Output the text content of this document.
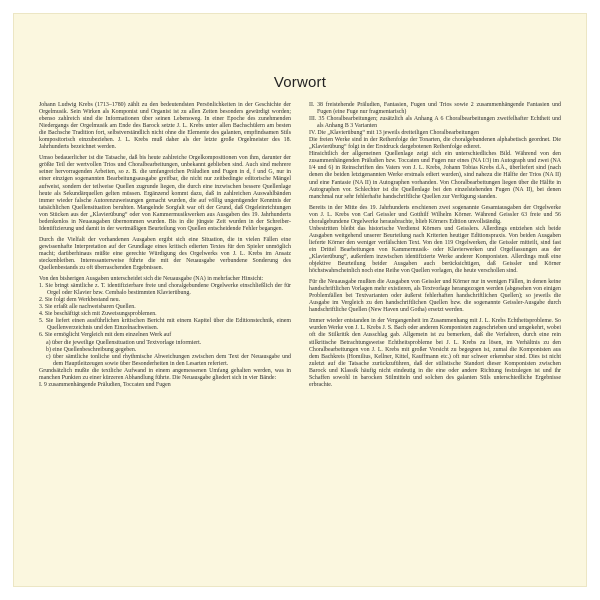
Vorwort

Johann Ludwig Krebs (1713–1780) zählt zu den bedeutendsten Persönlichkeiten in der Geschichte der Orgelmusik. Sein Wirken als Komponist und Organist ist zu allen Zeiten besonders gewürdigt worden; ebenso zahlreich sind die Informationen über seinen Lebensweg. In einer Epoche des zunehmenden Niedergangs der Orgelmusik am Ende des Barock setzte J. L. Krebs unter allen Bachschülern am besten die Bachsche Tradition fort, selbstverständlich nicht ohne die Elemente des galanten, empfindsamen Stils kompositorisch einzubeziehen. J. L. Krebs muß daher als der letzte große Orgelmeister des 18. Jahrhunderts bezeichnet werden.

Umso bedauerlicher ist die Tatsache, daß bis heute zahlreiche Orgelkompositionen von ihm, darunter der größte Teil der wertvollen Trios und Choralbearbeitungen, unbekannt geblieben sind. Auch sind mehrere seiner hervorragenden Arbeiten, so z. B. die umfangreichen Präludien und Fugen in d, f und G, nur in einer einzigen sogenannten Bearbeitungsausgabe greifbar, die nicht nur zeitbedingte editorische Mängel aufweist, sondern der teilweise Quellen zugrunde liegen, die durch eine inzwischen bessere Quellenlage heute als Sekundärquellen gelten müssen. Ergänzend kommt dazu, daß in zahlreichen Auswahlbänden immer wieder falsche Autorenzuweisungen gemacht wurden, die auf völlig ungenügender Kenntnis der tatsächlichen Quellensituation beruhten. Mangelnde Sorgfalt war oft der Grund, daß Orgeleinrichtungen von Stücken aus der „Klavierübung“ oder von Kammermusikwerken aus Ausgaben des 19. Jahrhunderts bedenkenlos in Neuausgaben übernommen wurden. Bis in die jüngste Zeit wurden in der Schreiber-Identifizierung und damit in der wertmäßigen Beurteilung von Quellen entscheidende Fehler begangen.

Durch die Vielfalt der vorhandenen Ausgaben ergibt sich eine Situation, die in vielen Fällen eine gewissenhafte Interpretation auf der Grundlage eines kritisch edierten Textes für den Spieler unmöglich macht; darüberhinaus müßte eine gerechte Würdigung des Orgelwerks von J. L. Krebs im Ansatz steckenbleiben. Interessanterweise führte die mit der Neuausgabe verbundene Sonderung des Quellenbestands zu oft überraschenden Ergebnissen.

Von den bisherigen Ausgaben unterscheidet sich die Neuausgabe (NA) in mehrfacher Hinsicht:

1. Sie bringt sämtliche z. T. identifizierbare freie und choralgebundene Orgelwerke einschließlich der für Orgel oder Klavier bzw. Cembalo bestimmten Klavierübung.

2. Sie folgt dem Werkbestand neu.

3. Sie erfaßt alle nachweisbaren Quellen.

4. Sie beschäftigt sich mit Zuweisungsproblemen.

5. Sie liefert einen ausführlichen kritischen Bericht mit einem Kapitel über die Editionstechnik, einem Quellenverzeichnis und den Einzelnachweisen.

6. Sie ermöglicht Vergleich mit dem einzelnen Werk auf

a) über die jeweilige Quellensituation und Textvorlage informiert.

b) eine Quellenbeschreibung gegeben.

c) über sämtliche tonliche und rhythmische Abweichungen zwischen dem Text der Neuausgabe und dem Hauptleitzeugen sowie über Besonderheiten in den Lesarten referiert.

Grundsätzlich mußte die textliche Aufwand in einem angemessenen Umfang gehalten werden, was in manchen Punkten zu einer kürzeren Abhandlung führte. Die Neuausgabe gliedert sich in vier Bände:

I. 9 zusammenhängende Präludien, Toccaten und Fugen

II. 38 freistehende Präludien, Fantasien, Fugen und Trios sowie 2 zusammenhängende Fantasien und Fugen (eine Fuge nur fragmentarisch)

III. 35 Choralbearbeitungen; zusätzlich als Anhang A 6 Choralbearbeitungen zweifelhafter Echtheit und als Anhang B 3 Varianten

IV. Die „Klavierübung“ mit 13 jeweils dreiteiligen Choralbearbeitungen

Die freien Werke sind in der Reihenfolge der Tonarten, die choralgebundenen alphabetisch geordnet. Die „Klavierübung“ folgt in der Erstdruck dargebotenen Reihenfolge edieret.

Hinsichtlich der allgemeinen Quellenlage zeigt sich ein unterschiedliches Bild. Während von den zusammenhängenden Präludien bzw. Toccaten und Fugen nur eines (NA I/3) im Autograph und zwei (NA I/4 und 6) in Reinschriften des Vaters von J. L. Krebs, Johann Tobias Krebs d.Ä., überliefert sind (nach denen die beiden letztgenannten Werke erstmals ediert wurden), sind nahezu die Hälfte der Trios (NA II) und eine Fantasie (NA II) in Autographen vorhanden. Von Choralbearbeitungen liegen über die Hälfte in Autographen vor. Schlechter ist die Quellenlage bei den einzelstehenden Fugen (NA II), bei denen manchmal nur sehr fehlerhafte handschriftliche Quellen zur Verfügung standen.

Bereits in der Mitte des 19. Jahrhunderts erschienen zwei sogenannte Gesamtausgaben der Orgelwerke von J. L. Krebs von Carl Geissler und Gotthilf Wilhelm Körner. Während Geissler 63 freie und 56 choralgebundene Orgelwerke herausbrachte, blieb Körners Edition unvollständig.

Unbestritten bleibt das historische Verdienst Körners und Geisslers. Allerdings entziehen sich beide Ausgaben weitgehend unserer Beurteilung nach Kriterien heutiger Editionspraxis. Von beiden Ausgaben lieferte Körner den weniger verfälschten Text. Von den 119 Orgelwerken, die Geissler mitteilt, sind fast ein Drittel Bearbeitungen von Kammermusik- oder Klavierwerken und Orgelfassungen aus der „Klavierübung“, außerdem inzwischen identifizierte Werke anderer Komponisten. Allerdings muß eine objektive Beurteilung beider Ausgaben auch berücksichtigen, daß Geissler und Körner höchstwahrscheinlich noch eine Reihe von Quellen vorlagen, die heute verschollen sind.

Für die Neuausgabe mußten die Ausgaben von Geissler und Körner nur in wenigen Fällen, in denen keine handschriftlichen Vorlagen mehr existieren, als Textvorlage herangezogen werden (abgesehen von einigen Problemfällen bei Textvarianten oder äußerst fehlerhaften handschriftlichen Quellen); so jeweils die Ausgabe im Vergleich zu den handschriftlichen Quellen bzw. die sogenannte Geissler-Ausgabe durch handschriftliche Quellen (New Haven und Gotha) ersetzt werden.

Immer wieder entstanden in der Vergangenheit im Zusammenhang mit J. L. Krebs Echtheitsprobleme. So wurden Werke von J. L. Krebs J. S. Bach oder anderen Komponisten zugeschrieben und umgekehrt, wobei oft die Stilkritik den Ausschlag gab. Allgemein ist zu bemerken, daß die Verfahren, durch eine rein stilkritische Betrachtungsweise Echtheitsprobleme bei J. L. Krebs zu lösen, im Verhältnis zu den Choralbearbeitungen von J. L. Krebs mit großer Vorsicht zu begegnen ist, zumal die Komponisten aus dem Bachkreis (Homilius, Kellner, Kittel, Kauffmann etc.) oft nur schwer erkennbar sind. Dies ist nicht zuletzt auf die Tatsache zurückzuführen, daß der stilistische Standort dieser Komponisten zwischen Barock und Klassik häufig nicht eindeutig in die eine oder andere Richtung festzulegen ist und ihr Schaffen sowohl in barocken Stilmitteln und solchen des galanten Stils unterschiedliche Ergebnisse erbrachte.
